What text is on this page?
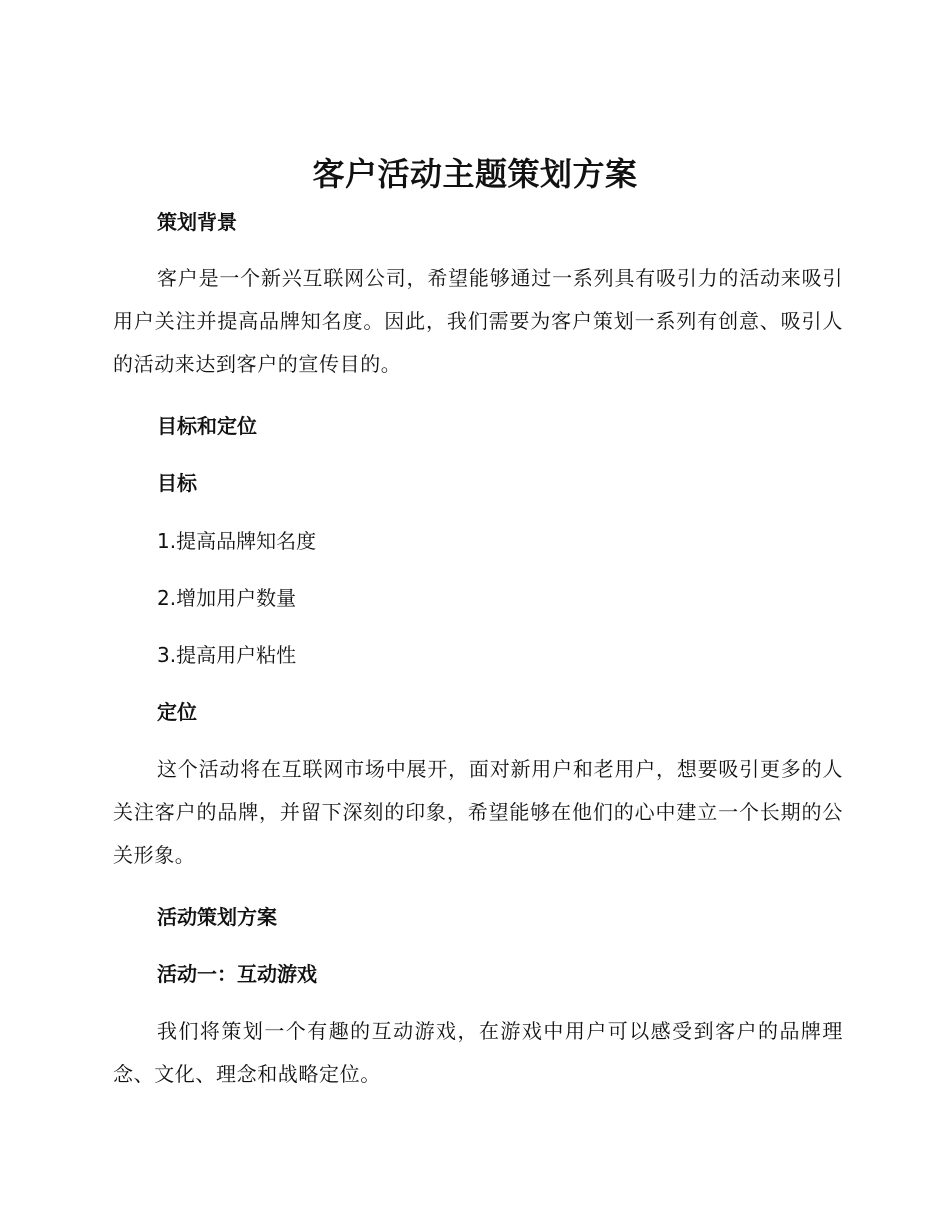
客户活动主题策划方案
策划背景
客户是一个新兴互联网公司，希望能够通过一系列具有吸引力的活动来吸引用户关注并提高品牌知名度。因此，我们需要为客户策划一系列有创意、吸引人的活动来达到客户的宣传目的。
目标和定位
目标
1.提高品牌知名度
2.增加用户数量
3.提高用户粘性
定位
这个活动将在互联网市场中展开，面对新用户和老用户，想要吸引更多的人关注客户的品牌，并留下深刻的印象，希望能够在他们的心中建立一个长期的公关形象。
活动策划方案
活动一：互动游戏
我们将策划一个有趣的互动游戏，在游戏中用户可以感受到客户的品牌理念、文化、理念和战略定位。
